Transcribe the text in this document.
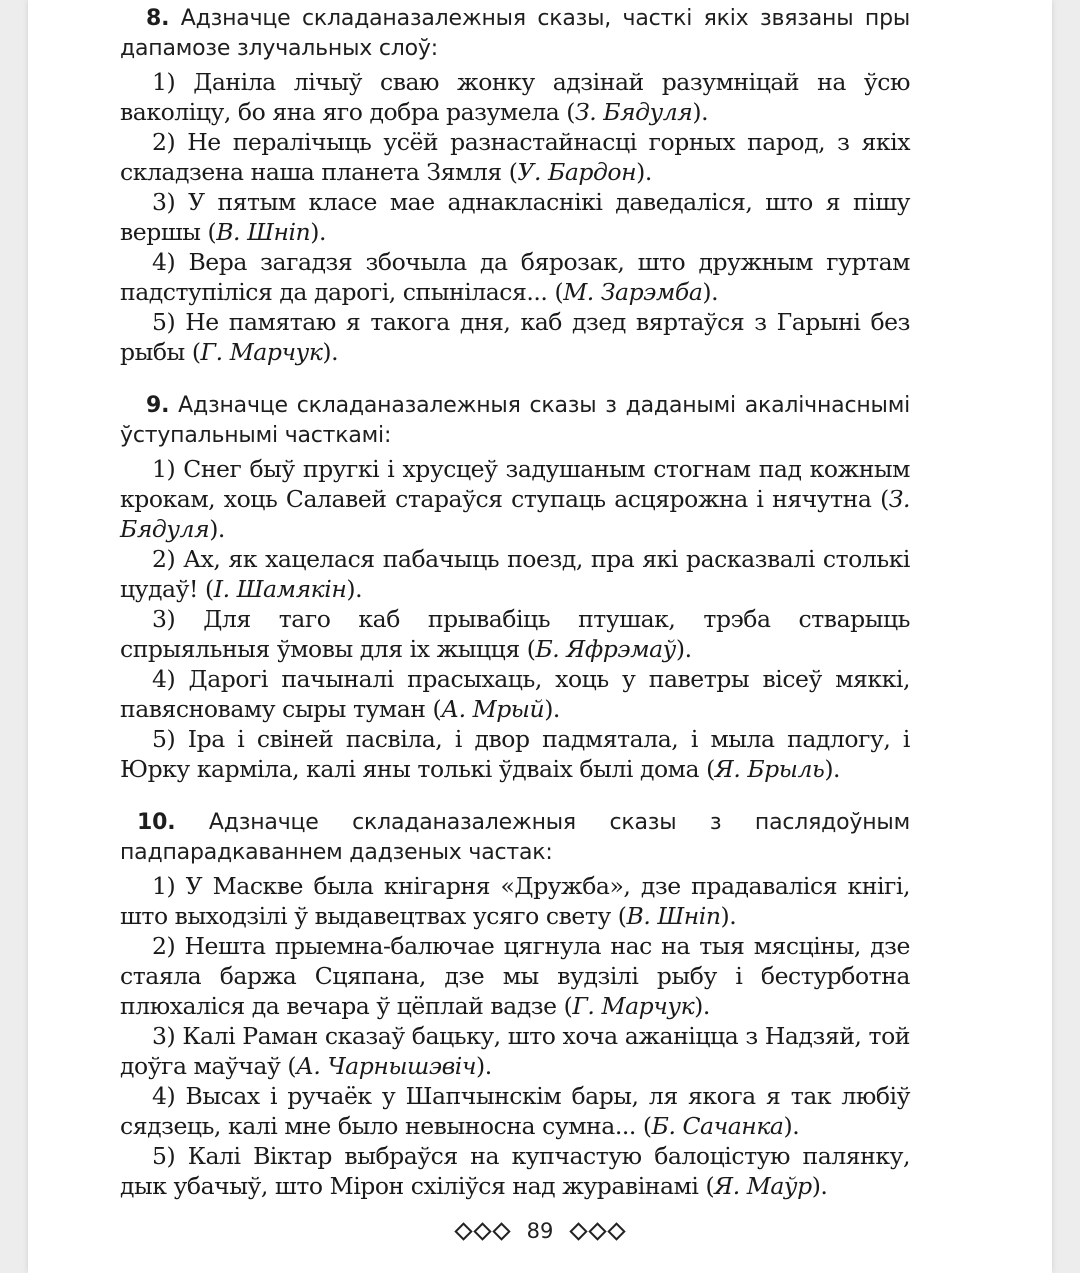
8. Адзначце складаназалежныя сказы, часткі якіх звязаны пры дапамозе злучальных слоў:

1) Даніла лічыў сваю жонку адзінай разумніцай на ўсю ваколіцу, бо яна яго добра разумела (З. Бядуля).

2) Не пералічыць усёй разнастайнасці горных парод, з якіх складзена наша планета Зямля (У. Бардон).

3) У пятым класе мае аднакласнікі даведаліся, што я пішу вершы (В. Шніп).

4) Вера загадзя збочыла да бярозак, што дружным гуртам падступіліся да дарогі, спынілася... (М. Зарэмба).

5) Не памятаю я такога дня, каб дзед вяртаўся з Гарыні без рыбы (Г. Марчук).

9. Адзначце складаназалежныя сказы з даданымі акалічнаснымі ўступальнымі часткамі:

1) Снег быў пругкі і хрусцеў задушаным стогнам пад кожным крокам, хоць Салавей стараўся ступаць асцярожна і нячутна (З. Бядуля).

2) Ах, як хацелася пабачыць поезд, пра які расказвалі столькі цудаў! (І. Шамякін).

3) Для таго каб прывабіць птушак, трэба стварыць спрыяльныя ўмовы для іх жыцця (Б. Яфрэмаў).

4) Дарогі пачыналі прасыхаць, хоць у паветры вісеў мяккі, павясноваму сыры туман (А. Мрый).

5) Іра і свіней пасвіла, і двор падмятала, і мыла падлогу, і Юрку карміла, калі яны толькі ўдваіх былі дома (Я. Брыль).

10. Адзначце складаназалежныя сказы з паслядоўным падпарадкаваннем дадзеных частак:

1) У Маскве была кнігарня «Дружба», дзе прадаваліся кнігі, што выходзілі ў выдавецтвах усяго свету (В. Шніп).

2) Нешта прыемна-балючае цягнула нас на тыя мясціны, дзе стаяла баржа Сцяпана, дзе мы вудзілі рыбу і бестурботна плюхаліся да вечара ў цёплай вадзе (Г. Марчук).

3) Калі Раман сказаў бацьку, што хоча ажаніцца з Надзяй, той доўга маўчаў (А. Чарнышэвіч).

4) Высах і ручаёк у Шапчынскім бары, ля якога я так любіў сядзець, калі мне было невыносна сумна... (Б. Сачанка).

5) Калі Віктар выбраўся на купчастую балоцістую палянку, дык убачыў, што Мірон схіліўся над журавінамі (Я. Маўр).

89
